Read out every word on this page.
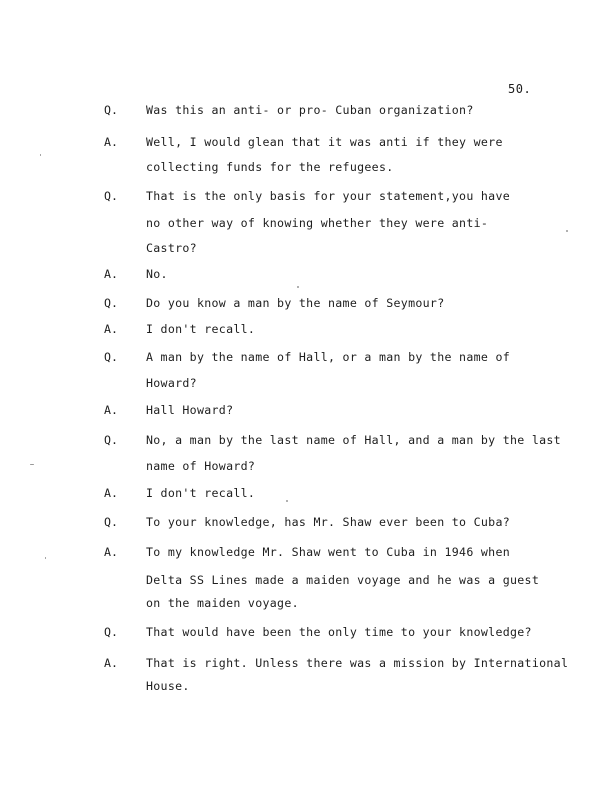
50.
Q. Was this an anti- or pro- Cuban organization?
A. Well, I would glean that it was anti if they were
collecting funds for the refugees.
Q. That is the only basis for your statement,you have
no other way of knowing whether they were anti-
Castro?
A. No.
Q. Do you know a man by the name of Seymour?
A. I don't recall.
Q. A man by the name of Hall, or a man by the name of
Howard?
A. Hall Howard?
Q. No, a man by the last name of Hall, and a man by the last
name of Howard?
A. I don't recall.
Q. To your knowledge, has Mr. Shaw ever been to Cuba?
A. To my knowledge Mr. Shaw went to Cuba in 1946 when
Delta SS Lines made a maiden voyage and he was a guest
on the maiden voyage.
Q. That would have been the only time to your knowledge?
A. That is right. Unless there was a mission by International
House.
